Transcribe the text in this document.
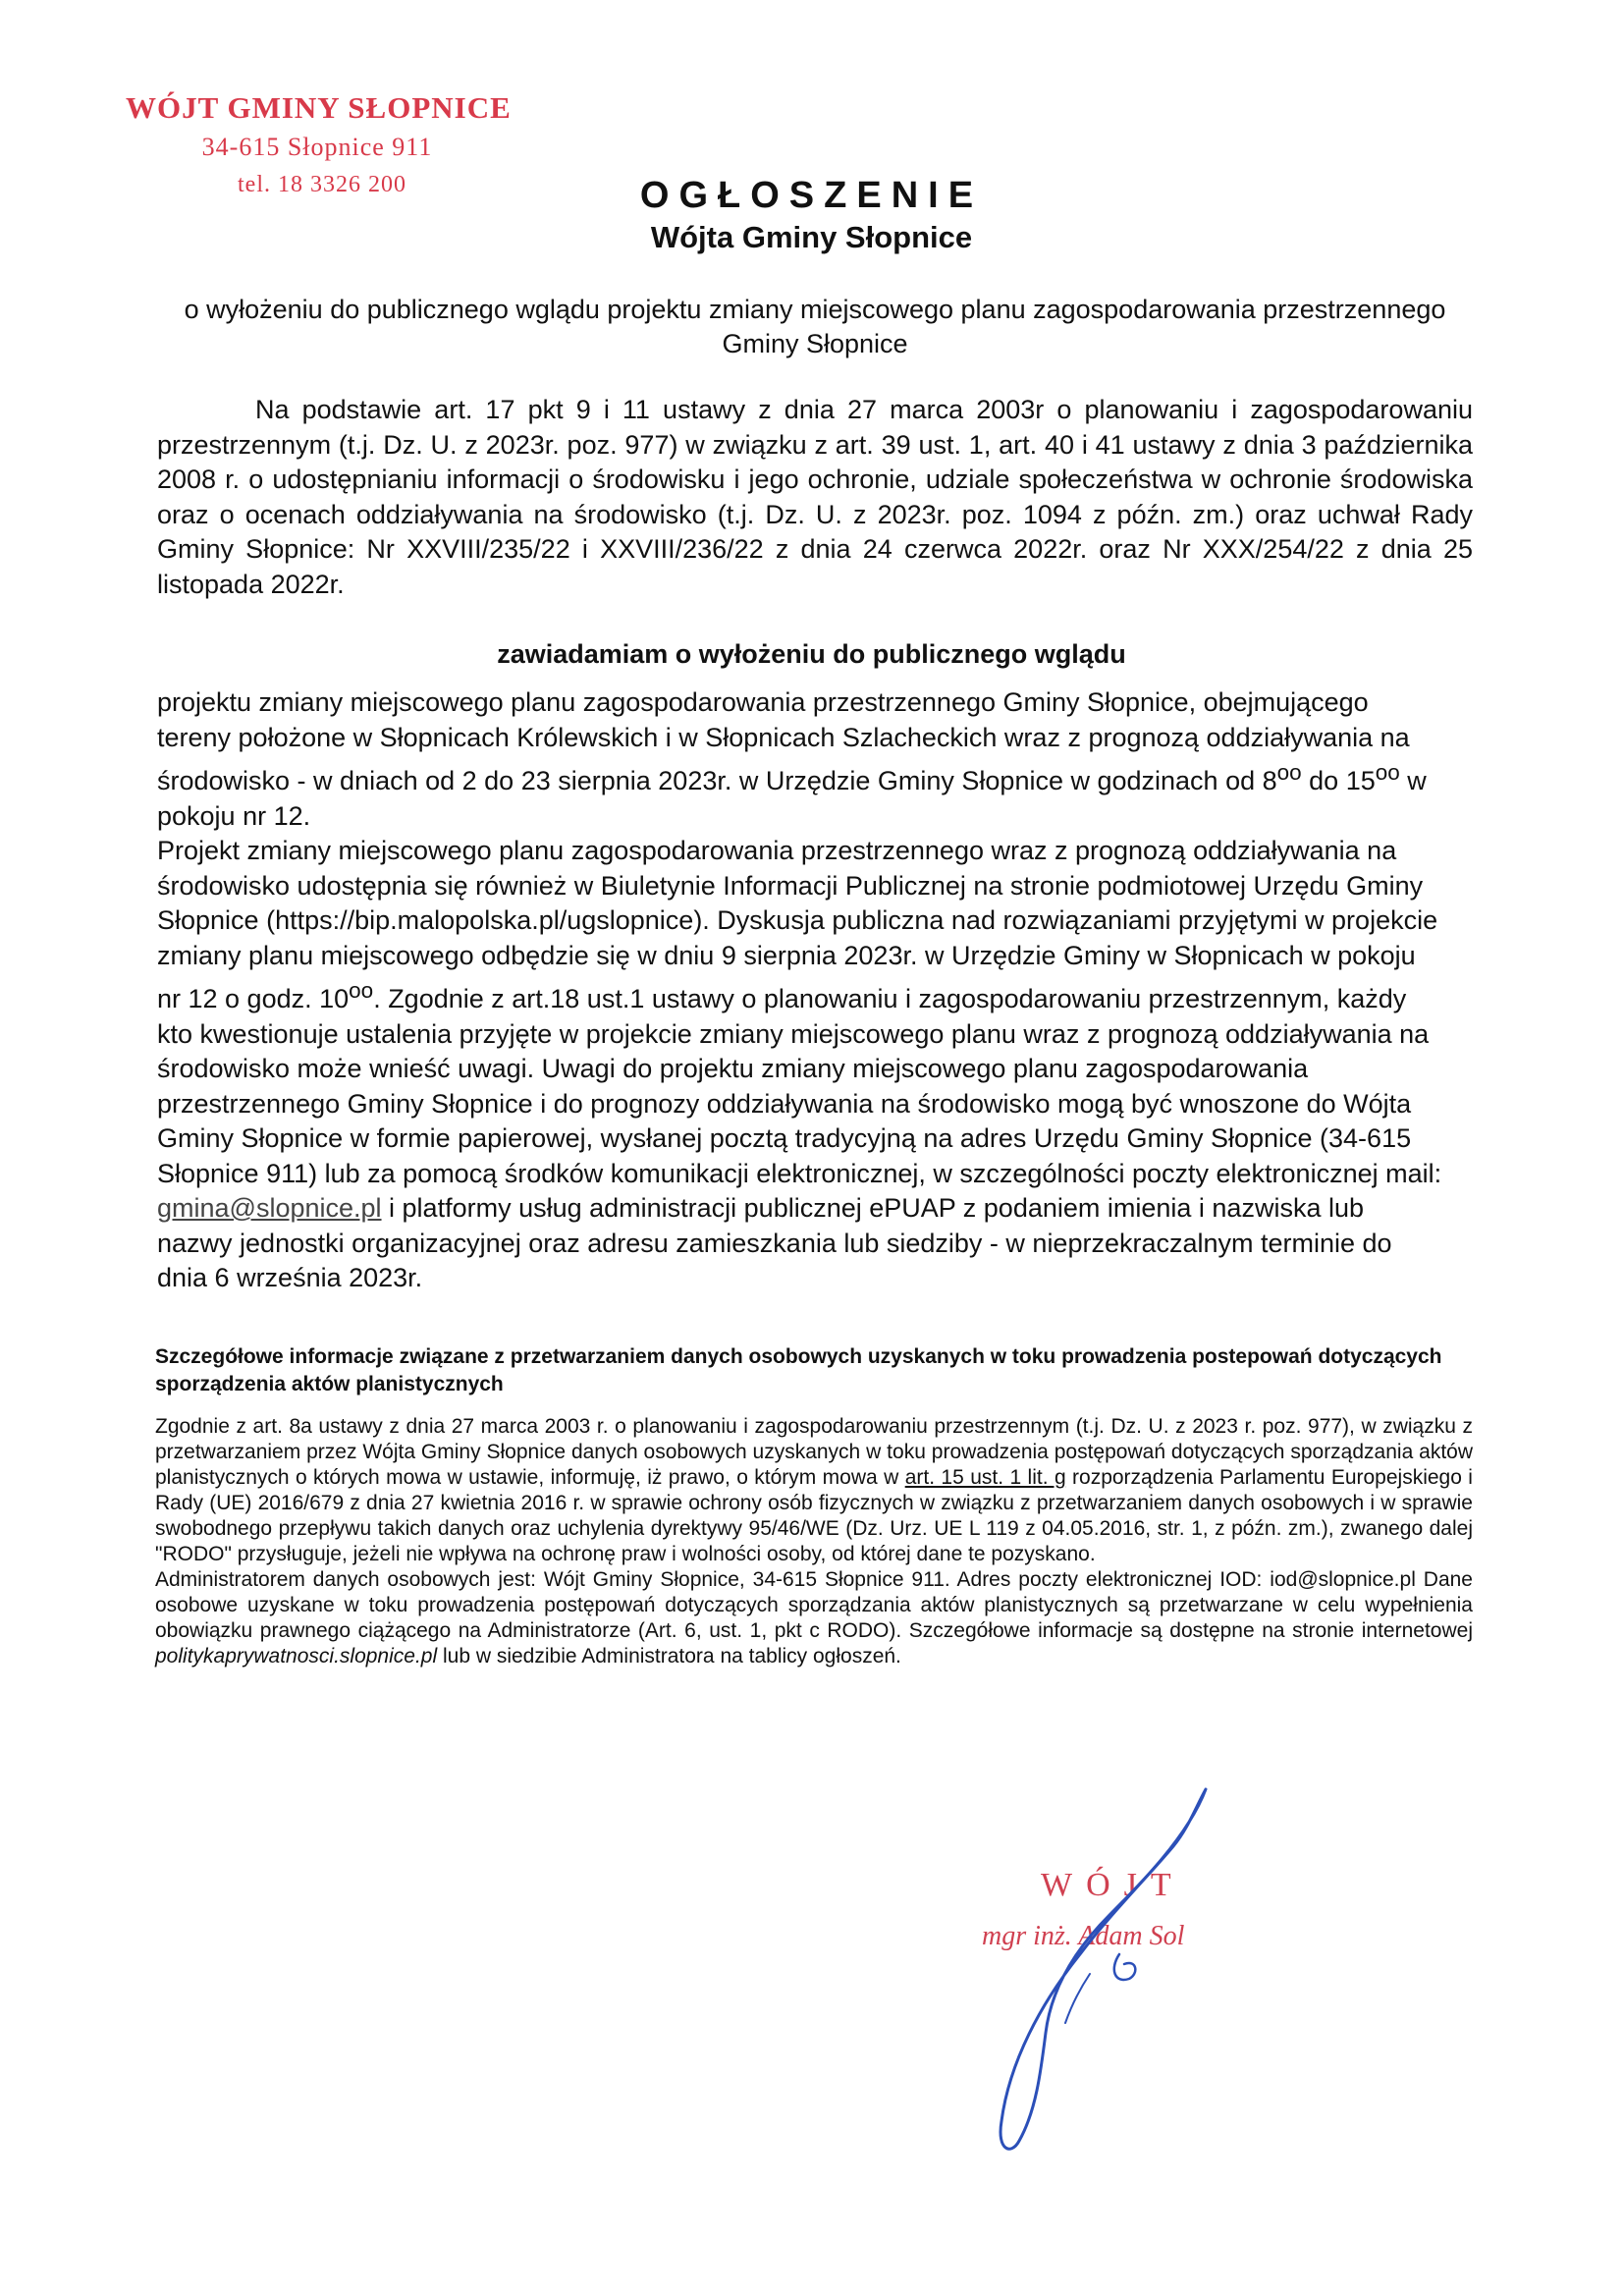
WÓJT GMINY SŁOPNICE
34-615 Słopnice 911
tel. 18 3326 200	OGŁOSZENIE
Wójta Gminy Słopnice
o wyłożeniu do publicznego wglądu projektu zmiany miejscowego planu zagospodarowania przestrzennego Gminy Słopnice
Na podstawie art. 17 pkt 9 i 11 ustawy z dnia 27 marca 2003r o planowaniu i zagospodarowaniu przestrzennym (t.j. Dz. U. z 2023r. poz. 977) w związku z art. 39 ust. 1, art. 40 i 41 ustawy z dnia 3 października 2008 r. o udostępnianiu informacji o środowisku i jego ochronie, udziale społeczeństwa w ochronie środowiska oraz o ocenach oddziaływania na środowisko (t.j. Dz. U. z 2023r. poz. 1094 z późn. zm.) oraz uchwał Rady Gminy Słopnice: Nr XXVIII/235/22 i XXVIII/236/22 z dnia 24 czerwca 2022r. oraz Nr XXX/254/22 z dnia 25 listopada 2022r.
zawiadamiam o wyłożeniu do publicznego wglądu

projektu zmiany miejscowego planu zagospodarowania przestrzennego Gminy Słopnice, obejmującego tereny położone w Słopnicach Królewskich i w Słopnicach Szlacheckich wraz z prognozą oddziaływania na środowisko - w dniach od 2 do 23 sierpnia 2023r. w Urzędzie Gminy Słopnice w godzinach od $8^{oo}$ do $15^{oo}$ w pokoju nr 12.

Projekt zmiany miejscowego planu zagospodarowania przestrzennego wraz z prognozą oddziaływania na środowisko udostępnia się również w Biuletynie Informacji Publicznej na stronie podmiotowej Urzędu Gminy Słopnice (https://bip.malopolska.pl/ugslopnice). Dyskusja publiczna nad rozwiązaniami przyjętymi w projekcie zmiany planu miejscowego odbędzie się w dniu 9 sierpnia 2023r. w Urzędzie Gminy w Słopnicach w pokoju nr 12 o godz. $10^{oo}$. Zgodnie z art.18 ust.1 ustawy o planowaniu i zagospodarowaniu przestrzennym, każdy kto kwestionuje ustalenia przyjęte w projekcie zmiany miejscowego planu wraz z prognozą oddziaływania na środowisko może wnieść uwagi. Uwagi do projektu zmiany miejscowego planu zagospodarowania przestrzennego Gminy Słopnice i do prognozy oddziaływania na środowisko mogą być wnoszone do Wójta Gminy Słopnice w formie papierowej, wysłanej pocztą tradycyjną na adres Urzędu Gminy Słopnice (34-615 Słopnice 911) lub za pomocą środków komunikacji elektronicznej, w szczególności poczty elektronicznej mail: gmina@slopnice.pl i platformy usług administracji publicznej ePUAP z podaniem imienia i nazwiska lub nazwy jednostki organizacyjnej oraz adresu zamieszkania lub siedziby - w nieprzekraczalnym terminie do dnia 6 września 2023r.

Szczegółowe informacje związane z przetwarzaniem danych osobowych uzyskanych w toku prowadzenia postepowań dotyczących sporządzenia aktów planistycznych

Zgodnie z art. 8a ustawy z dnia 27 marca 2003 r. o planowaniu i zagospodarowaniu przestrzennym (t.j. Dz. U. z 2023 r. poz. 977), w związku z przetwarzaniem przez Wójta Gminy Słopnice danych osobowych uzyskanych w toku prowadzenia postępowań dotyczących sporządzania aktów planistycznych o których mowa w ustawie, informuję, iż prawo, o którym mowa w art. 15 ust. 1 lit. g rozporządzenia Parlamentu Europejskiego i Rady (UE) 2016/679 z dnia 27 kwietnia 2016 r. w sprawie ochrony osób fizycznych w związku z przetwarzaniem danych osobowych i w sprawie swobodnego przepływu takich danych oraz uchylenia dyrektywy 95/46/WE (Dz. Urz. UE L 119 z 04.05.2016, str. 1, z późn. zm.), zwanego dalej "RODO" przysługuje, jeżeli nie wpływa na ochronę praw i wolności osoby, od której dane te pozyskano.

Administratorem danych osobowych jest: Wójt Gminy Słopnice, 34-615 Słopnice 911. Adres poczty elektronicznej IOD: iod@slopnice.pl Dane osobowe uzyskane w toku prowadzenia postępowań dotyczących sporządzania aktów planistycznych są przetwarzane w celu wypełnienia obowiązku prawnego ciążącego na Administratorze (Art. 6, ust. 1, pkt c RODO). Szczegółowe informacje są dostępne na stronie internetowej politykaprywatnosci.slopnice.pl lub w siedzibie Administratora na tablicy ogłoszeń.

WÓJT
mgr inż. Adam Sol
